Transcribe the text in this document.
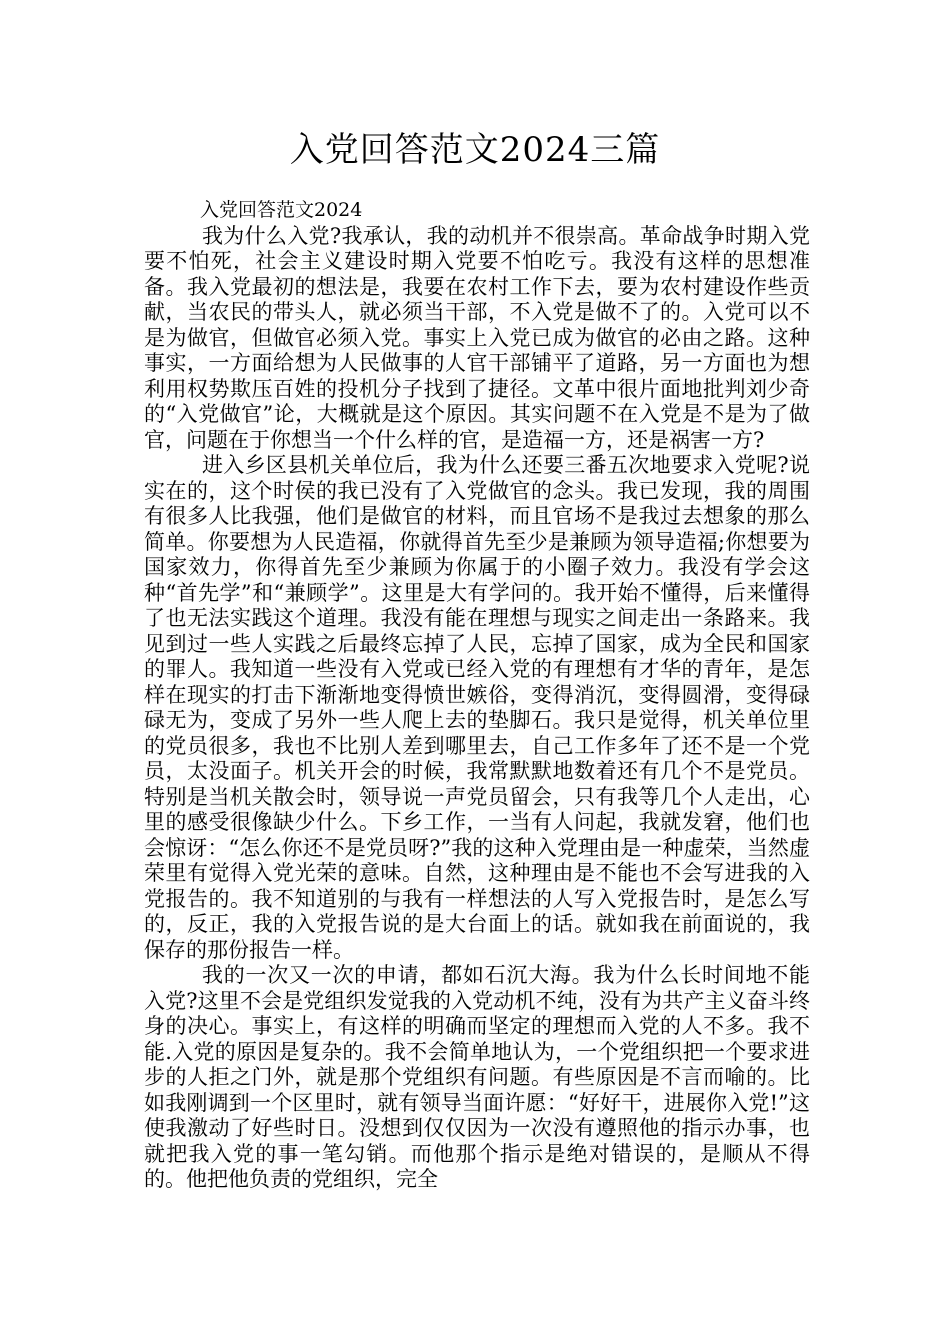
入党回答范文2024三篇
入党回答范文2024

我为什么入党?我承认，我的动机并不很崇高。革命战争时期入党要不怕死，社会主义建设时期入党要不怕吃亏。我没有这样的思想准备。我入党最初的想法是，我要在农村工作下去，要为农村建设作些贡献，当农民的带头人，就必须当干部，不入党是做不了的。入党可以不是为做官，但做官必须入党。事实上入党已成为做官的必由之路。这种事实，一方面给想为人民做事的人官干部铺平了道路，另一方面也为想利用权势欺压百姓的投机分子找到了捷径。文革中很片面地批判刘少奇的“入党做官”论，大概就是这个原因。其实问题不在入党是不是为了做官，问题在于你想当一个什么样的官，是造福一方，还是祸害一方?

进入乡区县机关单位后，我为什么还要三番五次地要求入党呢?说实在的，这个时侯的我已没有了入党做官的念头。我已发现，我的周围有很多人比我强，他们是做官的材料，而且官场不是我过去想象的那么简单。你要想为人民造福，你就得首先至少是兼顾为领导造福;你想要为国家效力，你得首先至少兼顾为你属于的小圈子效力。我没有学会这种“首先学”和“兼顾学”。这里是大有学问的。我开始不懂得，后来懂得了也无法实践这个道理。我没有能在理想与现实之间走出一条路来。我见到过一些人实践之后最终忘掉了人民，忘掉了国家，成为全民和国家的罪人。我知道一些没有入党或已经入党的有理想有才华的青年，是怎样在现实的打击下渐渐地变得愤世嫉俗，变得消沉，变得圆滑，变得碌碌无为，变成了另外一些人爬上去的垫脚石。我只是觉得，机关单位里的党员很多，我也不比别人差到哪里去，自己工作多年了还不是一个党员，太没面子。机关开会的时候，我常默默地数着还有几个不是党员。特别是当机关散会时，领导说一声党员留会，只有我等几个人走出，心里的感受很像缺少什么。下乡工作，一当有人问起，我就发窘，他们也会惊讶：“怎么你还不是党员呀?”我的这种入党理由是一种虚荣，当然虚荣里有觉得入党光荣的意味。自然，这种理由是不能也不会写进我的入党报告的。我不知道别的与我有一样想法的人写入党报告时，是怎么写的，反正，我的入党报告说的是大台面上的话。就如我在前面说的，我保存的那份报告一样。

我的一次又一次的申请，都如石沉大海。我为什么长时间地不能入党?这里不会是党组织发觉我的入党动机不纯，没有为共产主义奋斗终身的决心。事实上，有这样的明确而坚定的理想而入党的人不多。我不能.入党的原因是复杂的。我不会简单地认为，一个党组织把一个要求进步的人拒之门外，就是那个党组织有问题。有些原因是不言而喻的。比如我刚调到一个区里时，就有领导当面许愿：“好好干，进展你入党!”这使我激动了好些时日。没想到仅仅因为一次没有遵照他的指示办事，也就把我入党的事一笔勾销。而他那个指示是绝对错误的，是顺从不得的。他把他负责的党组织，完全
